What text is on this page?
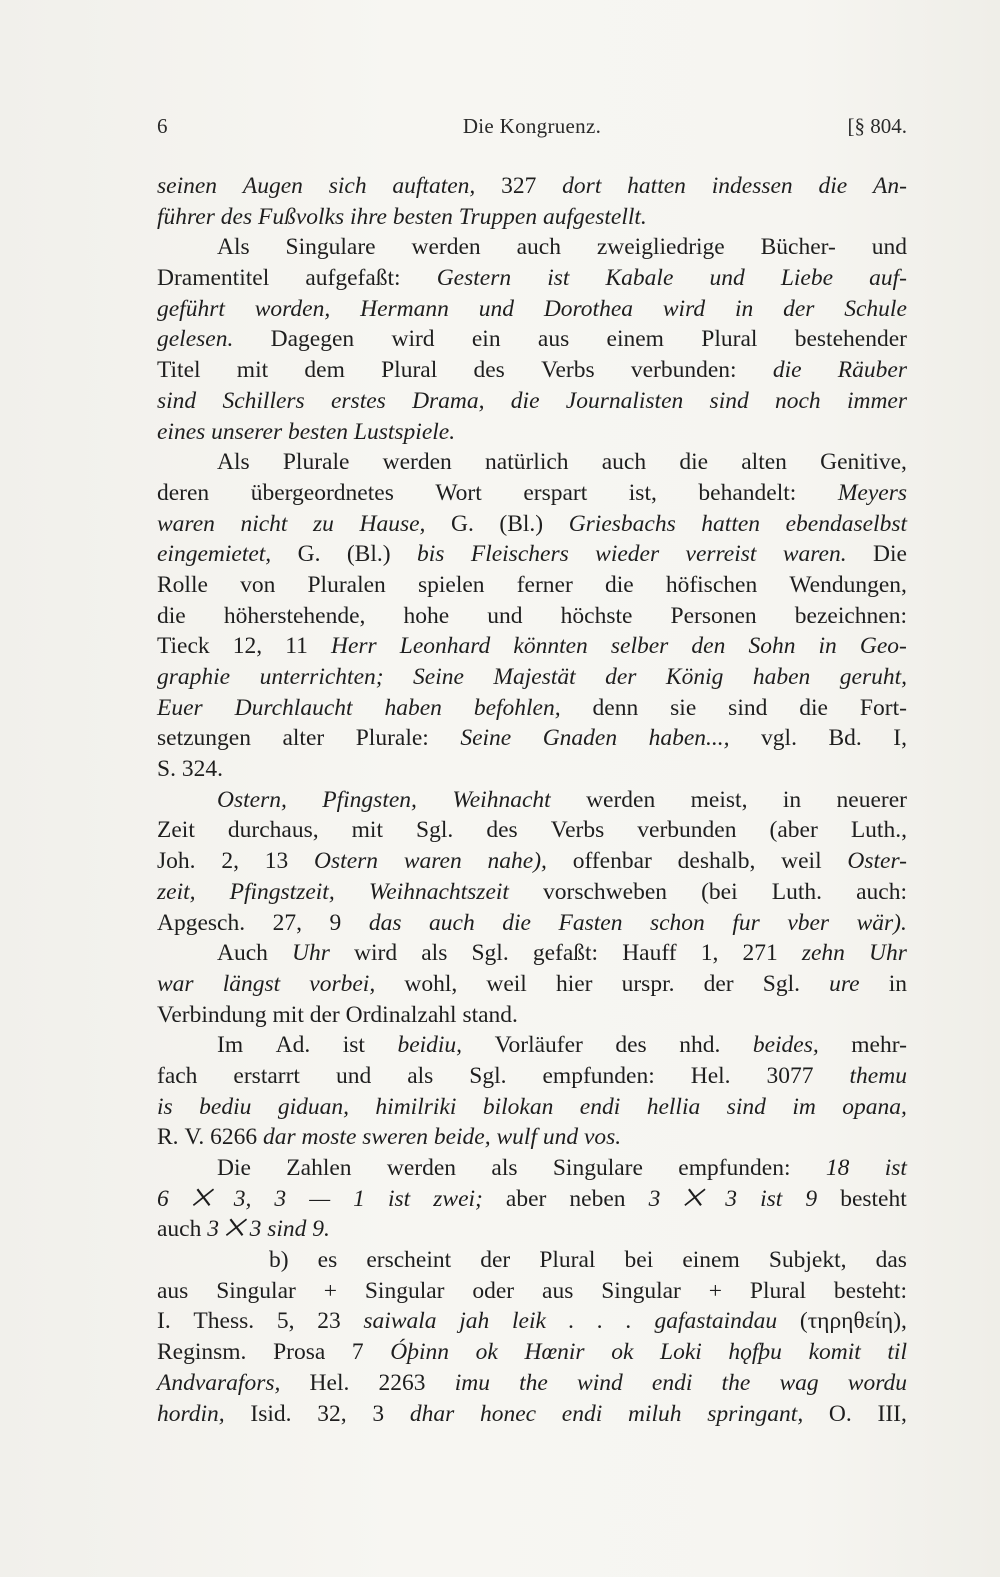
6	Die Kongruenz.	[§ 804.
seinen Augen sich auftaten, 327 dort hatten indessen die An-
führer des Fußvolks ihre besten Truppen aufgestellt.
Als Singulare werden auch zweigliedrige Bücher- und
Dramentitel aufgefaßt: Gestern ist Kabale und Liebe auf-
geführt worden, Hermann und Dorothea wird in der Schule
gelesen. Dagegen wird ein aus einem Plural bestehender
Titel mit dem Plural des Verbs verbunden: die Räuber
sind Schillers erstes Drama, die Journalisten sind noch immer
eines unserer besten Lustspiele.
Als Plurale werden natürlich auch die alten Genitive,
deren übergeordnetes Wort erspart ist, behandelt: Meyers
waren nicht zu Hause, G. (Bl.) Griesbachs hatten ebendaselbst
eingemietet, G. (Bl.) bis Fleischers wieder verreist waren. Die
Rolle von Pluralen spielen ferner die höfischen Wendungen,
die höherstehende, hohe und höchste Personen bezeichnen:
Tieck 12, 11 Herr Leonhard könnten selber den Sohn in Geo-
graphie unterrichten; Seine Majestät der König haben geruht,
Euer Durchlaucht haben befohlen, denn sie sind die Fort-
setzungen alter Plurale: Seine Gnaden haben..., vgl. Bd. I,
S. 324.
Ostern, Pfingsten, Weihnacht werden meist, in neuerer
Zeit durchaus, mit Sgl. des Verbs verbunden (aber Luth.,
Joh. 2, 13 Ostern waren nahe), offenbar deshalb, weil Oster-
zeit, Pfingstzeit, Weihnachtszeit vorschweben (bei Luth. auch:
Apgesch. 27, 9 das auch die Fasten schon fur vber wär).
Auch Uhr wird als Sgl. gefaßt: Hauff 1, 271 zehn Uhr
war längst vorbei, wohl, weil hier urspr. der Sgl. ure in
Verbindung mit der Ordinalzahl stand.
Im Ad. ist beidiu, Vorläufer des nhd. beides, mehr-
fach erstarrt und als Sgl. empfunden: Hel. 3077 themu
is bediu giduan, himilriki bilokan endi hellia sind im opana,
R. V. 6266 dar moste sweren beide, wulf und vos.
Die Zahlen werden als Singulare empfunden: 18 ist
6 ⨉ 3, 3 — 1 ist zwei; aber neben 3 ⨉ 3 ist 9 besteht
auch 3 ⨉ 3 sind 9.
b) es erscheint der Plural bei einem Subjekt, das
aus Singular + Singular oder aus Singular + Plural besteht:
I. Thess. 5, 23 saiwala jah leik . . . gafastaindau (τηρηθείη),
Reginsm. Prosa 7 Óþinn ok Hœnir ok Loki hǫfþu komit til
Andvarafors, Hel. 2263 imu the wind endi the wag wordu
hordin, Isid. 32, 3 dhar honec endi miluh springant, O. III,
